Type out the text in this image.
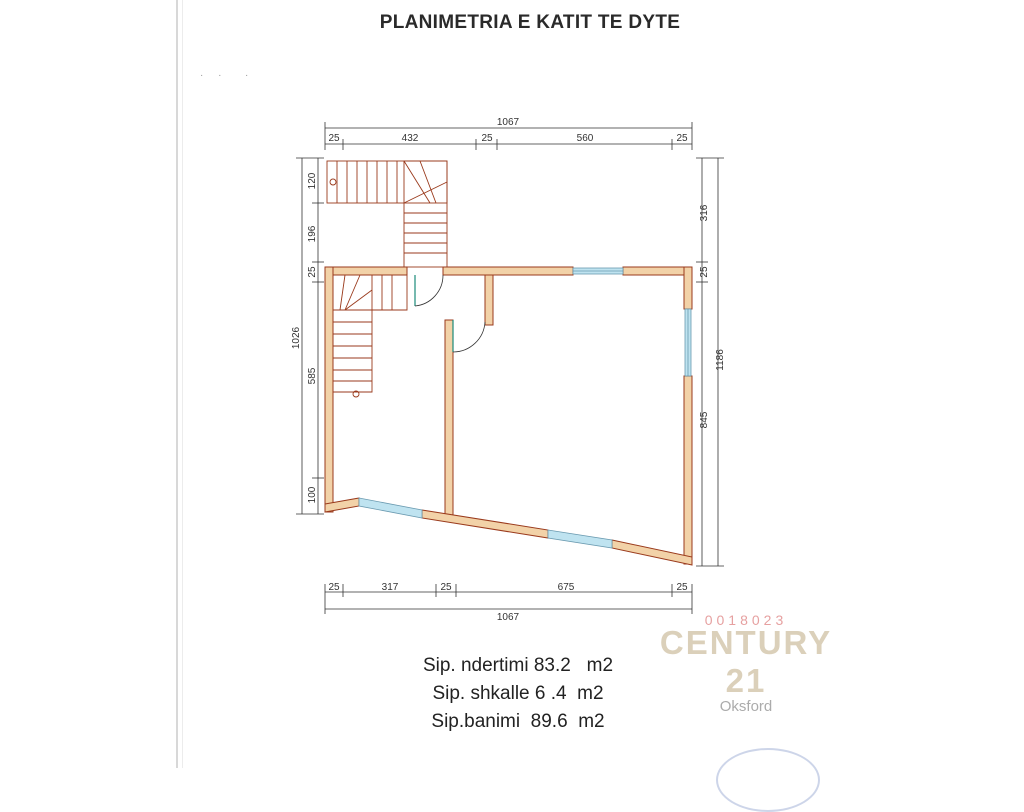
PLANIMETRIA E KATIT TE DYTE
· ·  ·
1067
25	432	25	560	25
25	317	25	675	25
1067
1026
120
196
25
585
100
316
25
845
1186
Sip. ndertimi 83.2   m2
Sip. shkalle 6 .4  m2
Sip.banimi  89.6  m2
0018023
CENTURY 21
Oksford
